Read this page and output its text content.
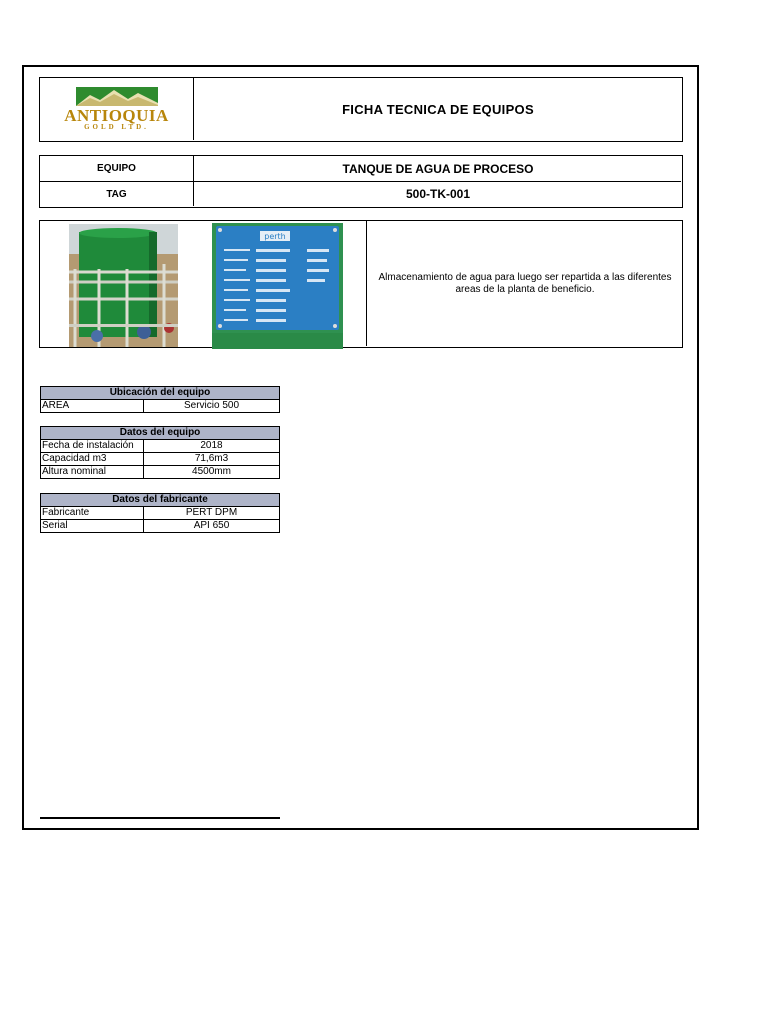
ANTIOQUIA
GOLD LTD.
FICHA TECNICA DE EQUIPOS
EQUIPO	TANQUE DE AGUA DE PROCESO
TAG	500-TK-001
Almacenamiento de agua para luego ser repartida a las diferentes areas de la planta de beneficio.
perth
Ubicación del equipo
AREA	Servicio 500
Datos del equipo	
Fecha de instalación	2018
Capacidad m3	71,6m3
Altura nominal	4500mm
Datos del fabricante	
Fabricante	PERT DPM
Serial	API 650
